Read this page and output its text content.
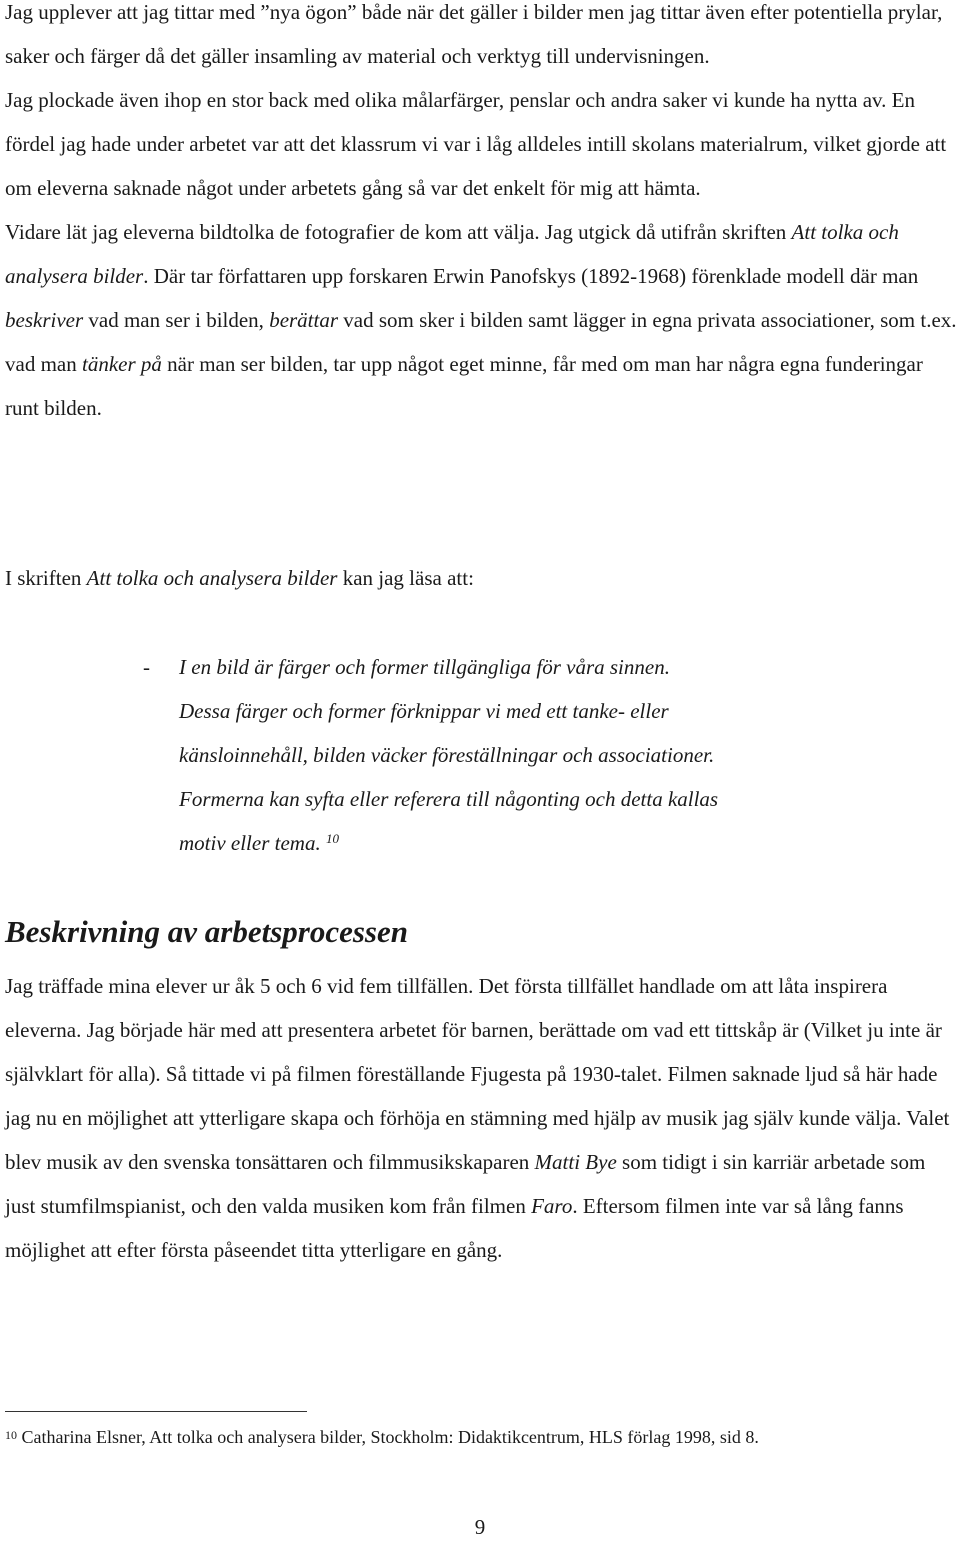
Jag upplever att jag tittar med ”nya ögon” både när det gäller i bilder men jag tittar även efter potentiella prylar, saker och färger då det gäller insamling av material och verktyg till undervisningen.

Jag plockade även ihop en stor back med olika målarfärger, penslar och andra saker vi kunde ha nytta av. En fördel jag hade under arbetet var att det klassrum vi var i låg alldeles intill skolans materialrum, vilket gjorde att om eleverna saknade något under arbetets gång så var det enkelt för mig att hämta.

Vidare lät jag eleverna bildtolka de fotografier de kom att välja. Jag utgick då utifrån skriften Att tolka och analysera bilder. Där tar författaren upp forskaren Erwin Panofskys (1892-1968) förenklade modell där man beskriver vad man ser i bilden, berättar vad som sker i bilden samt lägger in egna privata associationer, som t.ex. vad man tänker på när man ser bilden, tar upp något eget minne, får med om man har några egna funderingar runt bilden.

I skriften Att tolka och analysera bilder kan jag läsa att:

- I en bild är färger och former tillgängliga för våra sinnen.
Dessa färger och former förknippar vi med ett tanke- eller
känsloinnehåll, bilden väcker föreställningar och associationer.
Formerna kan syfta eller referera till någonting och detta kallas
motiv eller tema. $^{10}$
Beskrivning av arbetsprocessen

Jag träffade mina elever ur åk 5 och 6 vid fem tillfällen. Det första tillfället handlade om att låta inspirera eleverna. Jag började här med att presentera arbetet för barnen, berättade om vad ett tittskåp är (Vilket ju inte är självklart för alla). Så tittade vi på filmen föreställande Fjugesta på 1930-talet. Filmen saknade ljud så här hade jag nu en möjlighet att ytterligare skapa och förhöja en stämning med hjälp av musik jag själv kunde välja. Valet blev musik av den svenska tonsättaren och filmmusikskaparen Matti Bye som tidigt i sin karriär arbetade som just stumfilmspianist, och den valda musiken kom från filmen Faro. Eftersom filmen inte var så lång fanns möjlighet att efter första påseendet titta ytterligare en gång.

$^{10}$ Catharina Elsner, Att tolka och analysera bilder, Stockholm: Didaktikcentrum, HLS förlag 1998, sid 8.
9
